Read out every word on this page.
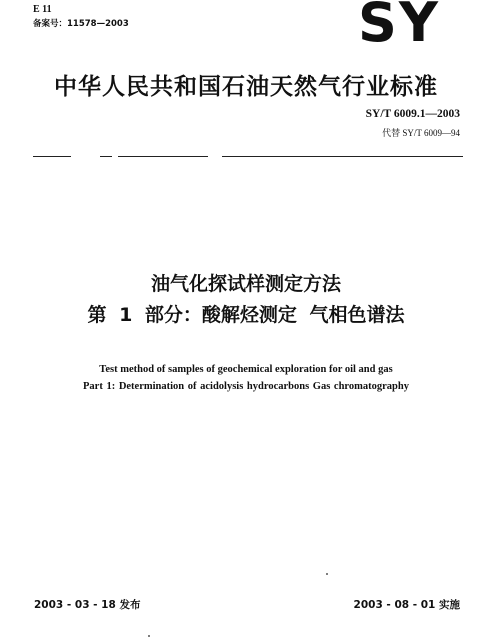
E 11
备案号：11578—2003	SY
中华人民共和国石油天然气行业标准
SY/T 6009.1—2003
代替 SY/T 6009—94
油气化探试样测定方法
第 1 部分：酸解烃测定 气相色谱法
Test method of samples of geochemical exploration for oil and gas
Part 1: Determination of acidolysis hydrocarbons Gas chromatography
2003 - 03 - 18 发布	2003 - 08 - 01 实施
